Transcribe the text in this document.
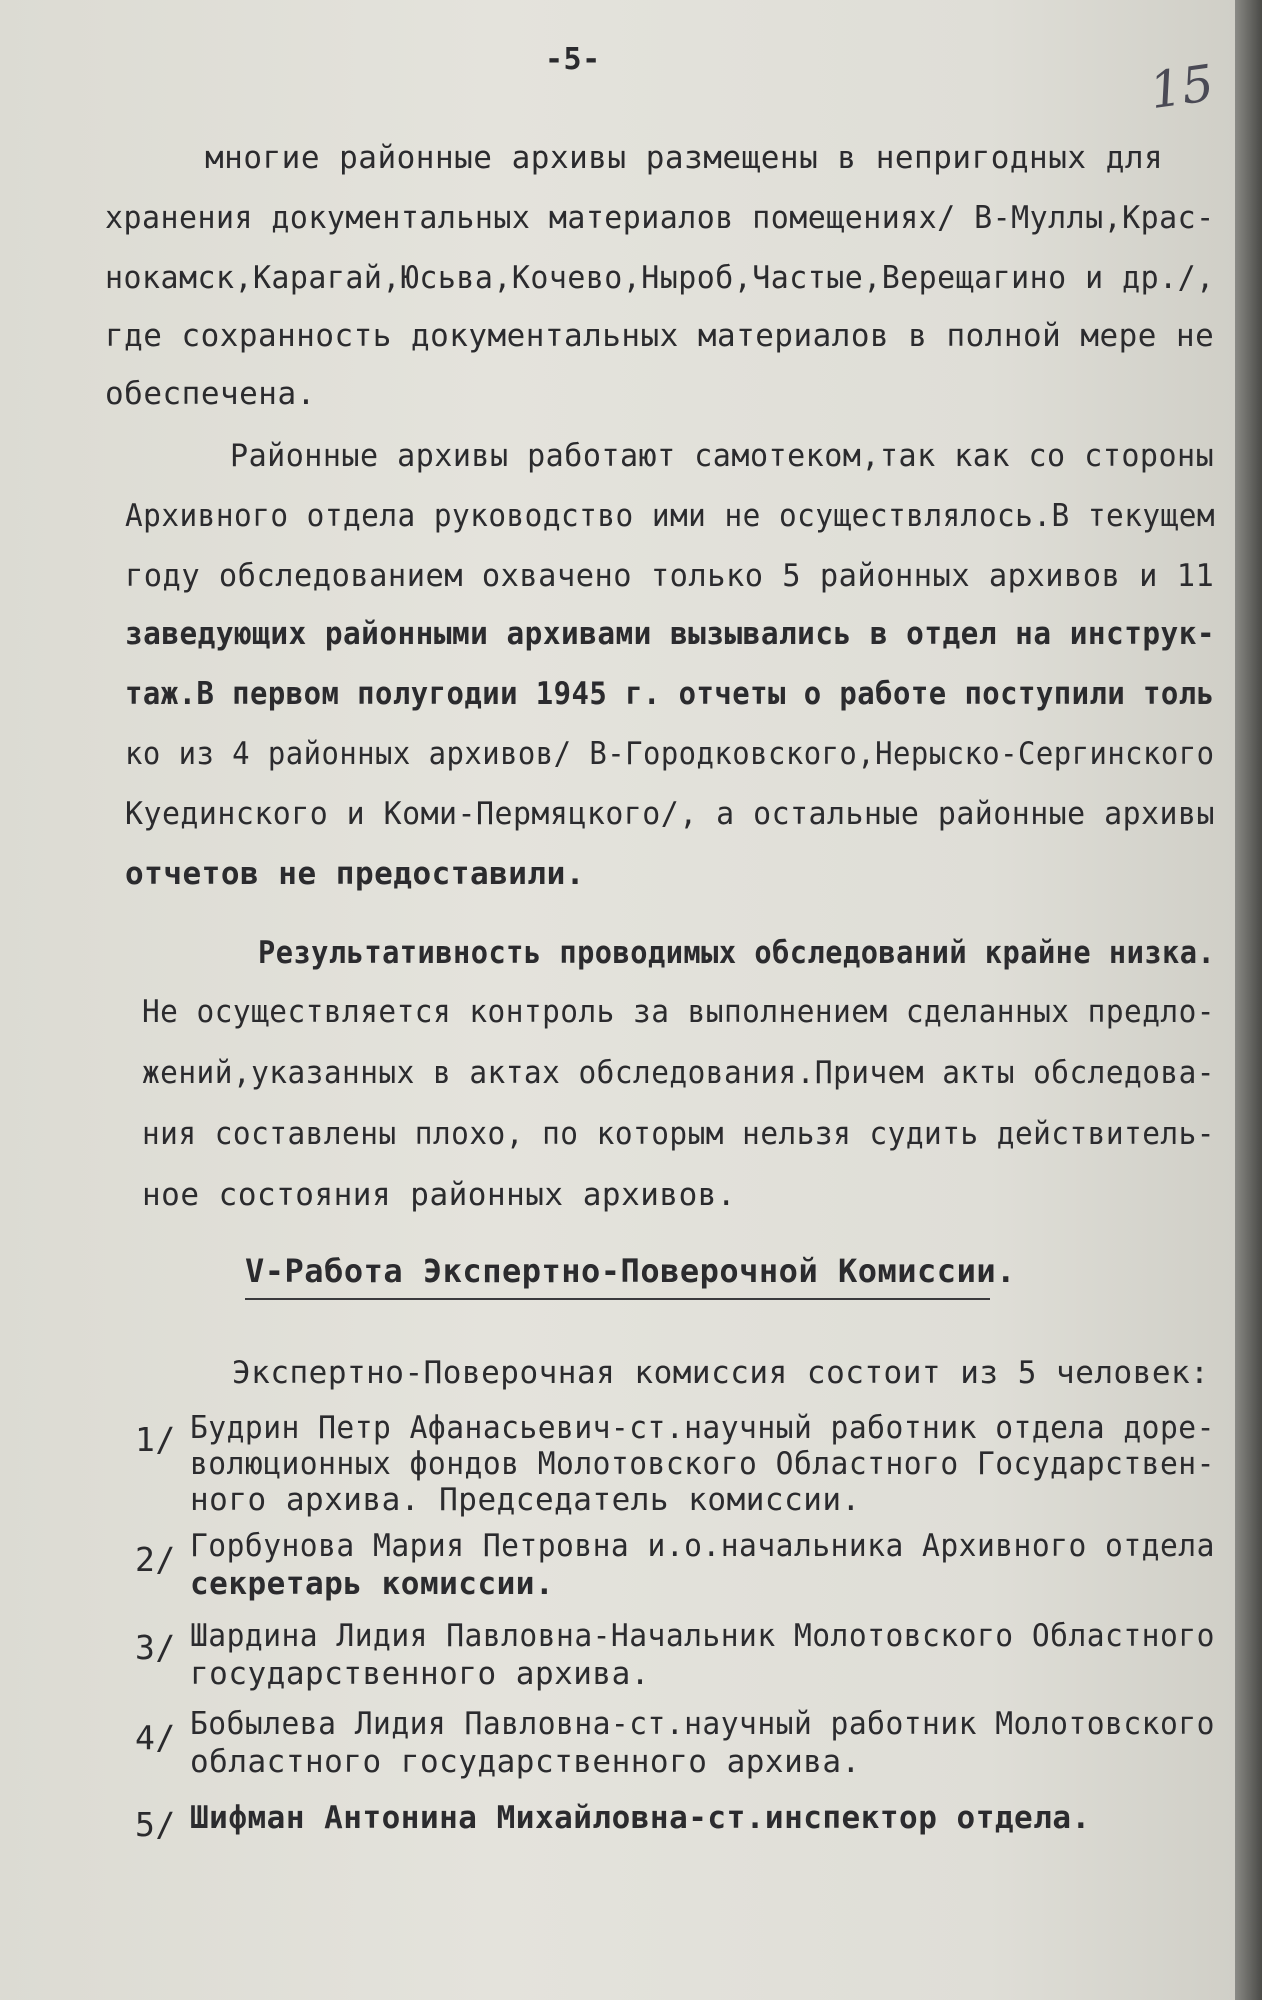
-5-	15
многие районные архивы размещены в непригодных для
хранения документальных материалов помещениях/ В-Муллы,Крас-
нокамск,Карагай,Юсьва,Кочево,Ныроб,Частые,Верещагино и др./,
где сохранность документальных материалов в полной мере не
обеспечена.
Районные архивы работают самотеком,так как со стороны
Архивного отдела руководство ими не осуществлялось.В текущем
году обследованием охвачено только 5 районных архивов и 11
заведующих районными архивами вызывались в отдел на инструк-
таж.В первом полугодии 1945 г. отчеты о работе поступили толь
ко из 4 районных архивов/ В-Городковского,Нерыско-Сергинского
Куединского и Коми-Пермяцкого/, а остальные районные архивы
отчетов не предоставили.
Результативность проводимых обследований крайне низка.
Не осуществляется контроль за выполнением сделанных предло-
жений,указанных в актах обследования.Причем акты обследова-
ния составлены плохо, по которым нельзя судить действитель-
ное состояния районных архивов.
V-Работа Экспертно-Поверочной Комиссии.
Экспертно-Поверочная комиссия состоит из 5 человек:
1/ Будрин Петр Афанасьевич-ст.научный работник отдела доре-
волюционных фондов Молотовского Областного Государствен-
ного архива. Председатель комиссии.
2/ Горбунова Мария Петровна и.о.начальника Архивного отдела
секретарь комиссии.
3/ Шардина Лидия Павловна-Начальник Молотовского Областного
государственного архива.
4/ Бобылева Лидия Павловна-ст.научный работник Молотовского
областного государственного архива.
5/ Шифман Антонина Михайловна-ст.инспектор отдела.
